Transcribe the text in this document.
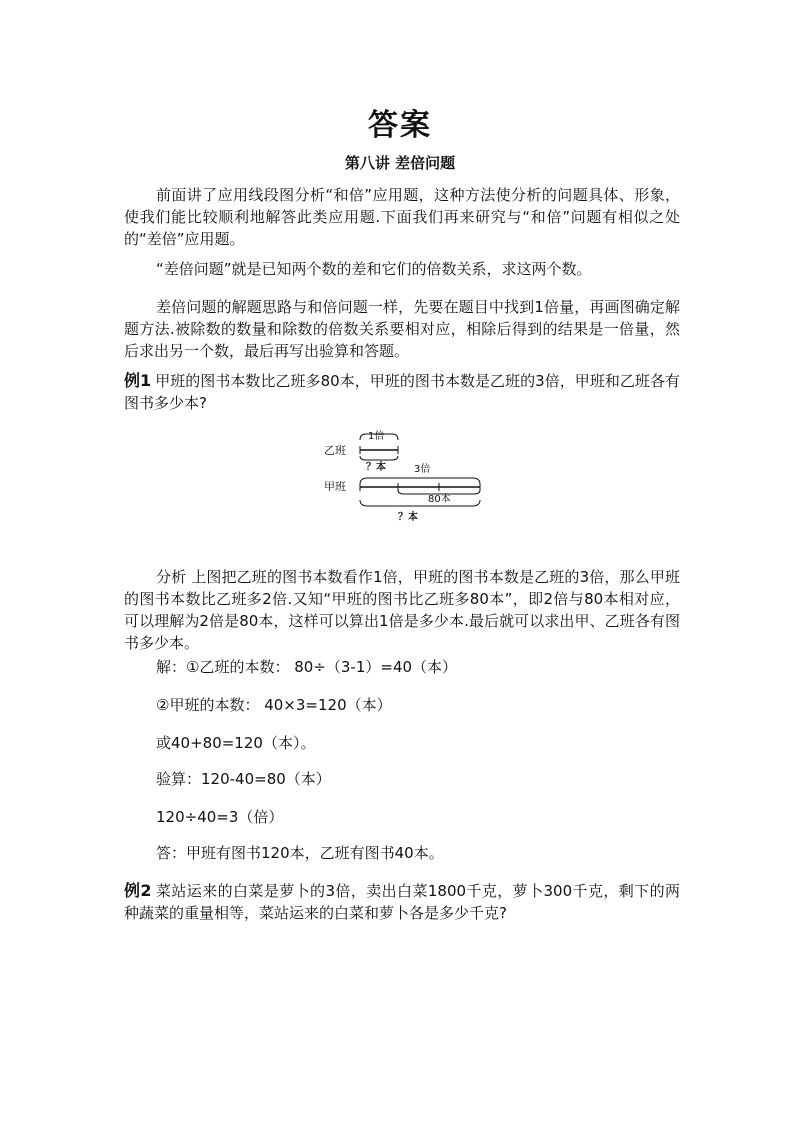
答案
第八讲 差倍问题
前面讲了应用线段图分析“和倍”应用题，这种方法使分析的问题具体、形象，使我们能比较顺利地解答此类应用题.下面我们再来研究与“和倍”问题有相似之处的“差倍”应用题。
“差倍问题”就是已知两个数的差和它们的倍数关系，求这两个数。
差倍问题的解题思路与和倍问题一样，先要在题目中找到1倍量，再画图确定解题方法.被除数的数量和除数的倍数关系要相对应，相除后得到的结果是一倍量，然后求出另一个数，最后再写出验算和答题。
例1 甲班的图书本数比乙班多80本，甲班的图书本数是乙班的3倍，甲班和乙班各有图书多少本?
乙班
1倍
？本	3倍
甲班
80本
？本
分析 上图把乙班的图书本数看作1倍，甲班的图书本数是乙班的3倍，那么甲班的图书本数比乙班多2倍.又知“甲班的图书比乙班多80本”，即2倍与80本相对应，可以理解为2倍是80本，这样可以算出1倍是多少本.最后就可以求出甲、乙班各有图书多少本。
解：①乙班的本数： 80÷（3-1）=40（本）
②甲班的本数： 40×3=120（本）
或40+80=120（本）。
验算：120-40=80（本）
120÷40=3（倍）
答：甲班有图书120本，乙班有图书40本。
例2 菜站运来的白菜是萝卜的3倍，卖出白菜1800千克，萝卜300千克，剩下的两种蔬菜的重量相等，菜站运来的白菜和萝卜各是多少千克?
